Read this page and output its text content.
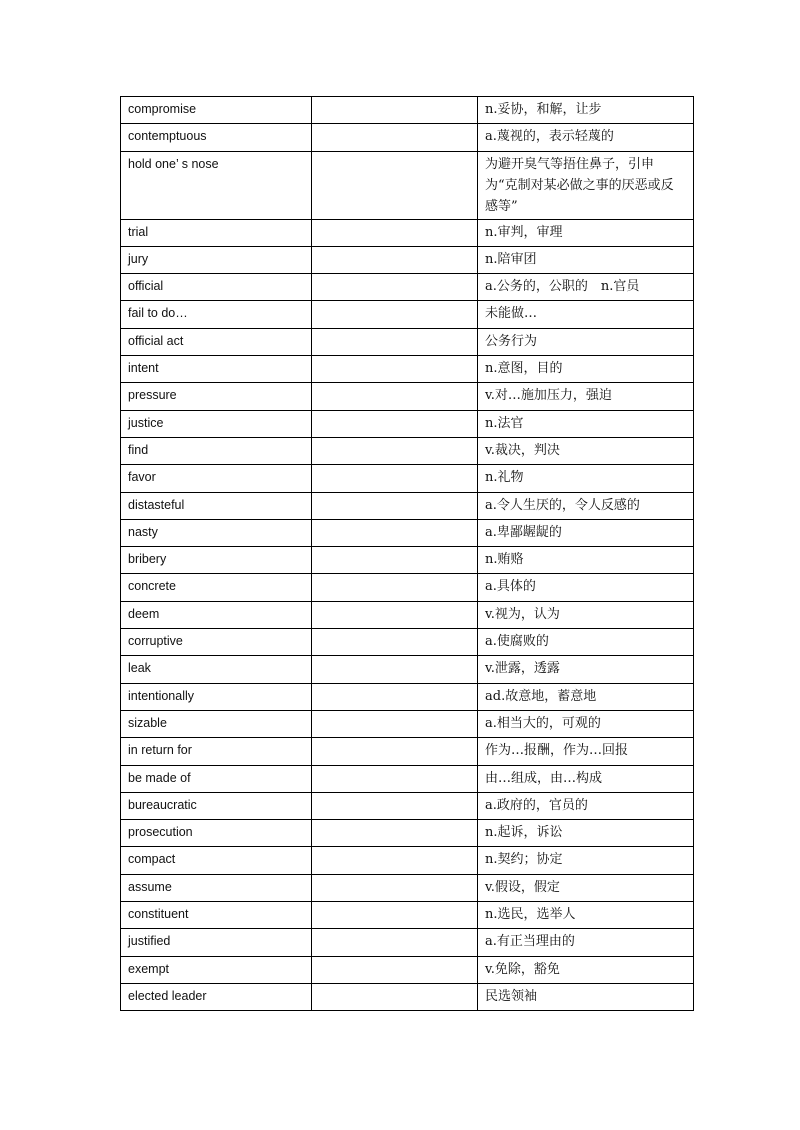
compromise		n.妥协，和解，让步
contemptuous		a.蔑视的，表示轻蔑的
hold one’ s nose		为避开臭气等捂住鼻子，引申为“克制对某必做之事的厌恶或反感等”
trial		n.审判，审理
jury		n.陪审团
official		a.公务的，公职的　n.官员
fail to do…		未能做…
official act		公务行为
intent		n.意图，目的
pressure		v.对…施加压力，强迫
justice		n.法官
find		v.裁决，判决
favor		n.礼物
distasteful		a.令人生厌的，令人反感的
nasty		a.卑鄙龌龊的
bribery		n.贿赂
concrete		a.具体的
deem		v.视为，认为
corruptive		a.使腐败的
leak		v.泄露，透露
intentionally		ad.故意地，蓄意地
sizable		a.相当大的，可观的
in return for		作为…报酬，作为…回报
be made of		由…组成，由…构成
bureaucratic		a.政府的，官员的
prosecution		n.起诉，诉讼
compact		n.契约；协定
assume		v.假设，假定
constituent		n.选民，选举人
justified		a.有正当理由的
exempt		v.免除，豁免
elected leader		民选领袖
